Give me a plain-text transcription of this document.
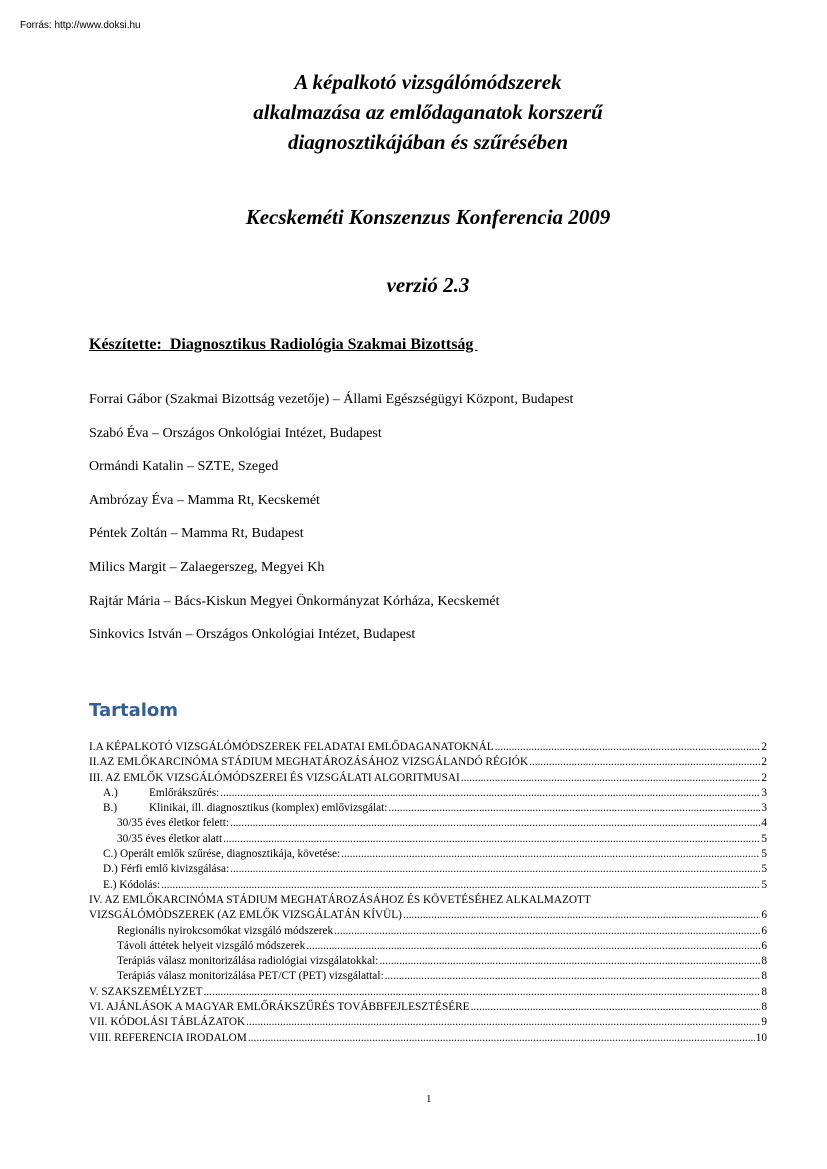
Forrás: http://www.doksi.hu
A képalkotó vizsgálómódszerek
alkalmazása az emlődaganatok korszerű
diagnosztikájában és szűrésében
Kecskeméti Konszenzus Konferencia 2009
verzió 2.3
Készítette:  Diagnosztikus Radiológia Szakmai Bizottság
Forrai Gábor (Szakmai Bizottság vezetője) – Állami Egészségügyi Központ, Budapest
Szabó Éva – Országos Onkológiai Intézet, Budapest
Ormándi Katalin – SZTE, Szeged
Ambrózay Éva – Mamma Rt, Kecskemét
Péntek Zoltán – Mamma Rt, Budapest
Milics Margit – Zalaegerszeg, Megyei Kh
Rajtár Mária – Bács-Kiskun Megyei Önkormányzat Kórháza, Kecskemét
Sinkovics István – Országos Onkológiai Intézet, Budapest
Tartalom
I.A KÉPALKOTÓ VIZSGÁLÓMÓDSZEREK FELADATAI EMLŐDAGANATOKNÁL .....	2
II.AZ EMLŐKARCINÓMA STÁDIUM MEGHATÁROZÁSÁHOZ VIZSGÁLANDÓ RÉGIÓK .....	2
III. AZ EMLŐK VIZSGÁLÓMÓDSZEREI ÉS VIZSGÁLATI ALGORITMUSAI .....	2
A.)	Emlőrákszűrés: .....	3
B.)	Klinikai, ill. diagnosztikus (komplex) emlővizsgálat: .....	3
30/35 éves életkor felett: .....	4
30/35 éves életkor alatt .....	5
C.) Operált emlők szűrése, diagnosztikája, követése: .....	5
D.) Férfi emlő kivizsgálása: .....	5
E.) Kódolás: .....	5
IV. AZ EMLŐKARCINÓMA STÁDIUM MEGHATÁROZÁSÁHOZ ÉS KÖVETÉSÉHEZ ALKALMAZOTT
VIZSGÁLÓMÓDSZEREK (AZ EMLŐK VIZSGÁLATÁN KÍVÜL) .....	6
Regionális nyirokcsomókat vizsgáló módszerek .....	6
Távoli áttétek helyeit vizsgáló módszerek .....	6
Terápiás válasz monitorizálása radiológiai vizsgálatokkal: .....	8
Terápiás válasz monitorizálása PET/CT (PET) vizsgálattal: .....	8
V. SZAKSZEMÉLYZET .....	8
VI. AJÁNLÁSOK A MAGYAR EMLŐRÁKSZŰRÉS TOVÁBBFEJLESZTÉSÉRE .....	8
VII. KÓDOLÁSI TÁBLÁZATOK .....	9
VIII. REFERENCIA IRODALOM .....	10
1
